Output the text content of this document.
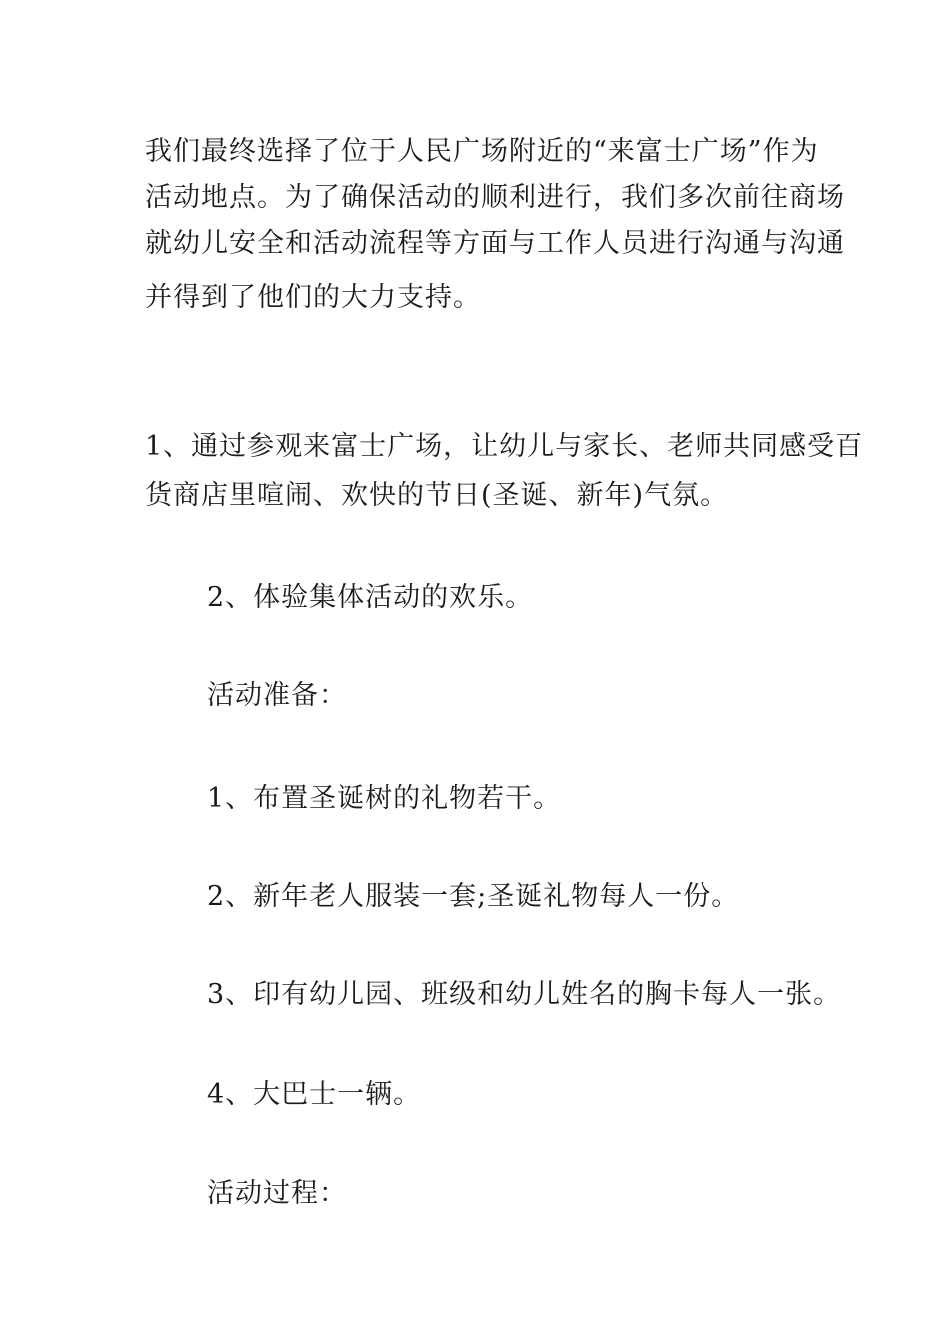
我们最终选择了位于人民广场附近的“来富士广场”作为
活动地点。为了确保活动的顺利进行，我们多次前往商场
就幼儿安全和活动流程等方面与工作人员进行沟通与沟通
并得到了他们的大力支持。
1、通过参观来富士广场，让幼儿与家长、老师共同感受百
货商店里喧闹、欢快的节日(圣诞、新年)气氛。
2、体验集体活动的欢乐。
活动准备：
1、布置圣诞树的礼物若干。
2、新年老人服装一套;圣诞礼物每人一份。
3、印有幼儿园、班级和幼儿姓名的胸卡每人一张。
4、大巴士一辆。
活动过程：
